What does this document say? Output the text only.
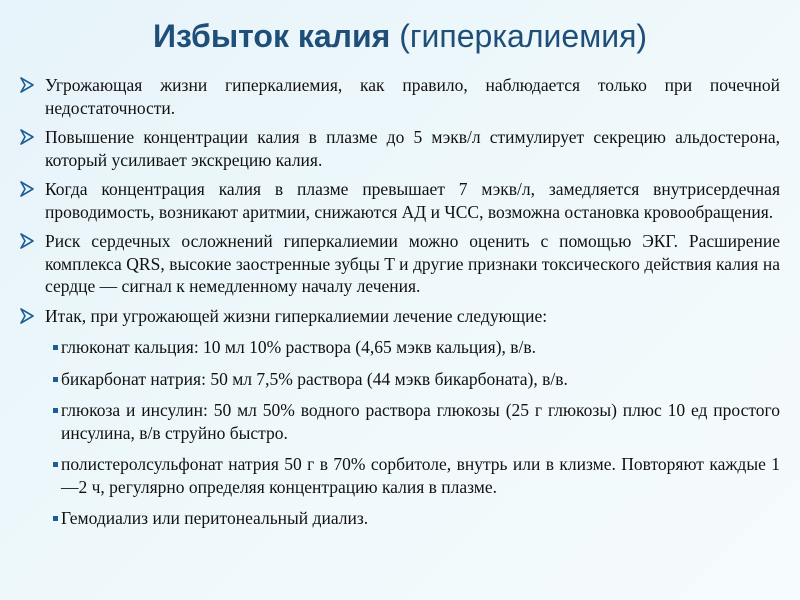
Избыток калия (гиперкалиемия)
Угрожающая жизни гиперкалиемия, как правило, наблюдается только при почечной недостаточности.
Повышение концентрации калия в плазме до 5 мэкв/л стимулирует секрецию альдостерона, который усиливает экскрецию калия.
Когда концентрация калия в плазме превышает 7 мэкв/л, замедляется внутрисердечная проводимость, возникают аритмии, снижаются АД и ЧСС, возможна остановка кровообращения.
Риск сердечных осложнений гиперкалиемии можно оценить с помощью ЭКГ. Расширение комплекса QRS, высокие заостренные зубцы T и другие признаки токсического действия калия на сердце — сигнал к немедленному началу лечения.
Итак, при угрожающей жизни гиперкалиемии лечение следующие:
глюконат кальция: 10 мл 10% раствора (4,65 мэкв кальция), в/в.
бикарбонат натрия: 50 мл 7,5% раствора (44 мэкв бикарбоната), в/в.
глюкоза и инсулин: 50 мл 50% водного раствора глюкозы (25 г глюкозы) плюс 10 ед простого инсулина, в/в струйно быстро.
полистеролсульфонат натрия 50 г в 70% сорбитоле, внутрь или в клизме. Повторяют каждые 1—2 ч, регулярно определяя концентрацию калия в плазме.
Гемодиализ или перитонеальный диализ.
